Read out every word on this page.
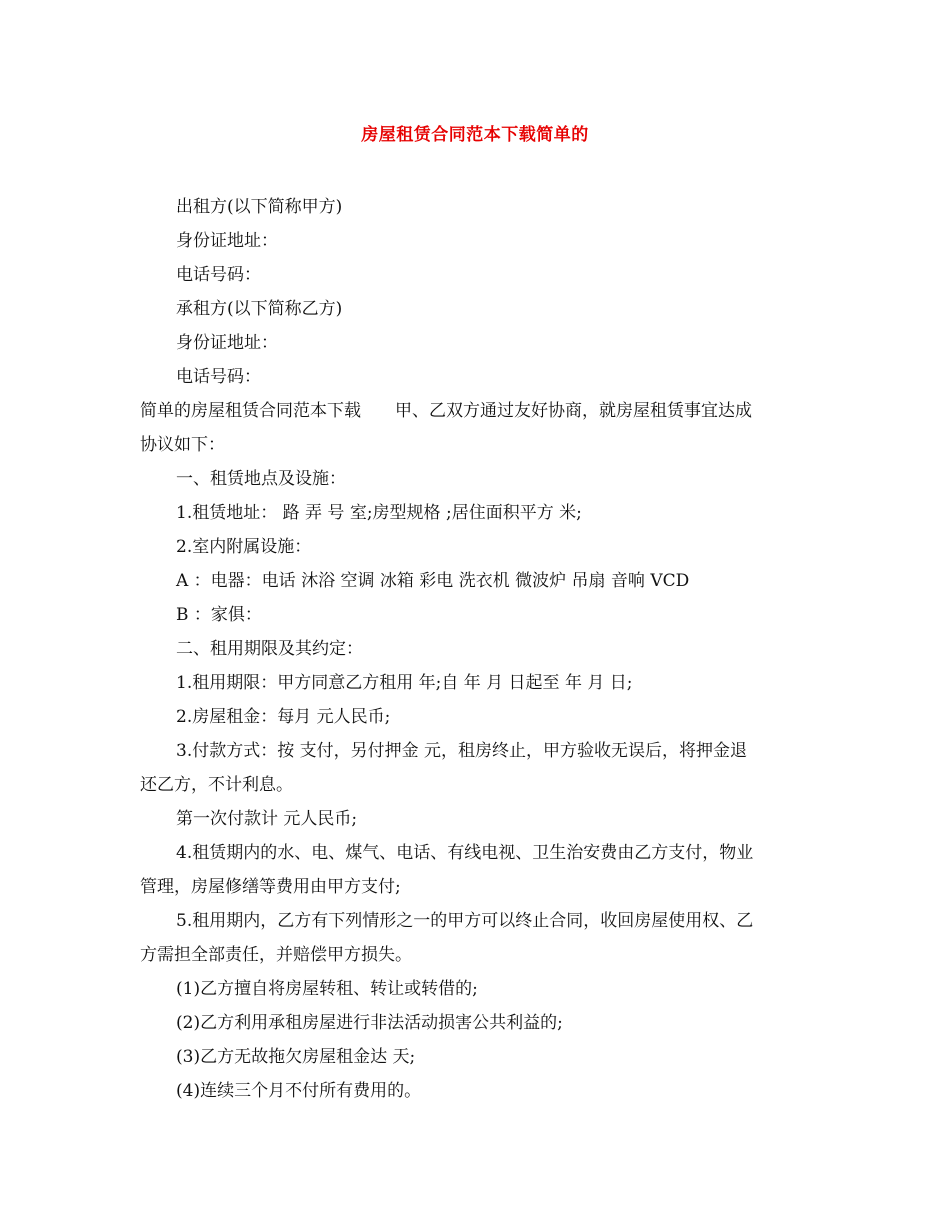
房屋租赁合同范本下载简单的
出租方(以下简称甲方)
身份证地址：
电话号码：
承租方(以下简称乙方)
身份证地址：
电话号码：
简单的房屋租赁合同范本下载 甲、乙双方通过友好协商，就房屋租赁事宜达成
协议如下：
一、租赁地点及设施：
1.租赁地址： 路 弄 号 室;房型规格 ;居住面积平方 米;
2.室内附属设施：
A ：电器：电话 沐浴 空调 冰箱 彩电 洗衣机 微波炉 吊扇 音响 VCD
B ：家俱：
二、租用期限及其约定：
1.租用期限：甲方同意乙方租用 年;自 年 月 日起至 年 月 日;
2.房屋租金：每月 元人民币;
3.付款方式：按 支付，另付押金 元，租房终止，甲方验收无误后，将押金退
还乙方，不计利息。
第一次付款计 元人民币;
4.租赁期内的水、电、煤气、电话、有线电视、卫生治安费由乙方支付，物业
管理，房屋修缮等费用由甲方支付;
5.租用期内，乙方有下列情形之一的甲方可以终止合同，收回房屋使用权、乙
方需担全部责任，并赔偿甲方损失。
(1)乙方擅自将房屋转租、转让或转借的;
(2)乙方利用承租房屋进行非法活动损害公共利益的;
(3)乙方无故拖欠房屋租金达 天;
(4)连续三个月不付所有费用的。
